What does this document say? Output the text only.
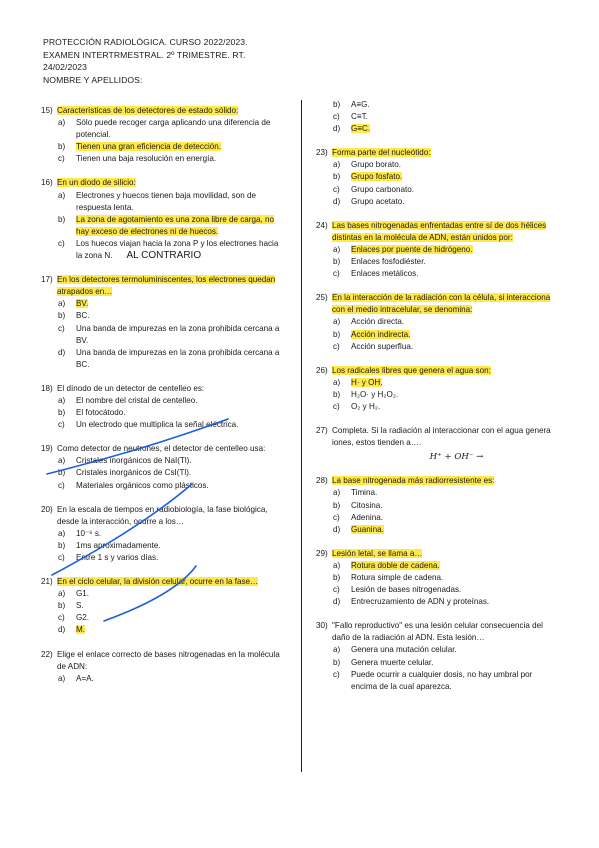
PROTECCIÓN RADIOLÓGICA. CURSO 2022/2023.
EXAMEN INTERTRMESTRAL. 2º TRIMESTRE. RT.
24/02/2023
NOMBRE Y APELLIDOS:
15) Características de los detectores de estado sólido:
a)	Sólo puede recoger carga aplicando una diferencia de potencial.
b)	Tienen una gran eficiencia de detección.
c)	Tienen una baja resolución en energía.
16) En un diodo de silicio:
a)	Electrones y huecos tienen baja movilidad, son de respuesta lenta.
b)	La zona de agotamiento es una zona libre de carga, no hay exceso de electrones ni de huecos.
c)	Los huecos viajan hacia la zona P y los electrones hacia la zona N. AL CONTRARIO
17) En los detectores termoluminiscentes, los electrones quedan atrapados en…
a)	BV.
b)	BC.
c)	Una banda de impurezas en la zona prohibida cercana a BV.
d)	Una banda de impurezas en la zona prohibida cercana a BC.
18) El dínodo de un detector de centelleo es:
a)	El nombre del cristal de centelleo.
b)	El fotocátodo.
c)	Un electrodo que multiplica la señal eléctrica.
19) Como detector de neutrones, el detector de centelleo usa:
a)	Cristales inorgánicos de NaI(Tl).
b)	Cristales inorgánicos de CsI(Tl).
c)	Materiales orgánicos como plásticos.
20) En la escala de tiempos en radiobiología, la fase biológica, desde la interacción, ocurre a los…
a)	10⁻⁶ s.
b)	1ms aproximadamente.
c)	Entre 1 s y varios días.
21) En el ciclo celular, la división celular, ocurre en la fase…
a)	G1.
b)	S.
c)	G2.
d)	M.
22) Elige el enlace correcto de bases nitrogenadas en la molécula de ADN:
a)	A=A.
b)	A≡G.
c)	C≡T.
d)	G≡C.
23) Forma parte del nucleótido:
a)	Grupo borato.
b)	Grupo fosfato.
c)	Grupo carbonato.
d)	Grupo acetato.
24) Las bases nitrogenadas enfrentadas entre sí de dos hélices distintas en la molécula de ADN, están unidos por:
a)	Enlaces por puente de hidrógeno.
b)	Enlaces fosfodiéster.
c)	Enlaces metálicos.
25) En la interacción de la radiación con la célula, si interacciona con el medio intracelular, se denomina:
a)	Acción directa.
b)	Acción indirecta.
c)	Acción superflua.
26) Los radicales libres que genera el agua son:
a)	H· y OH.
b)	H₂O· y H₂O₂.
c)	O₂ y H₂.
27) Completa. Si la radiación al interaccionar con el agua genera iones, estos tienden a….
H⁺ + OH⁻ →
28) La base nitrogenada más radiorresistente es:
a)	Timina.
b)	Citosina.
c)	Adenina.
d)	Guanina.
29) Lesión letal, se llama a…
a)	Rotura doble de cadena.
b)	Rotura simple de cadena.
c)	Lesión de bases nitrogenadas.
d)	Entrecruzamiento de ADN y proteínas.
30) "Fallo reproductivo" es una lesión celular consecuencia del daño de la radiación al ADN. Esta lesión…
a)	Genera una mutación celular.
b)	Genera muerte celular.
c)	Puede ocurrir a cualquier dosis, no hay umbral por encima de la cual aparezca.
